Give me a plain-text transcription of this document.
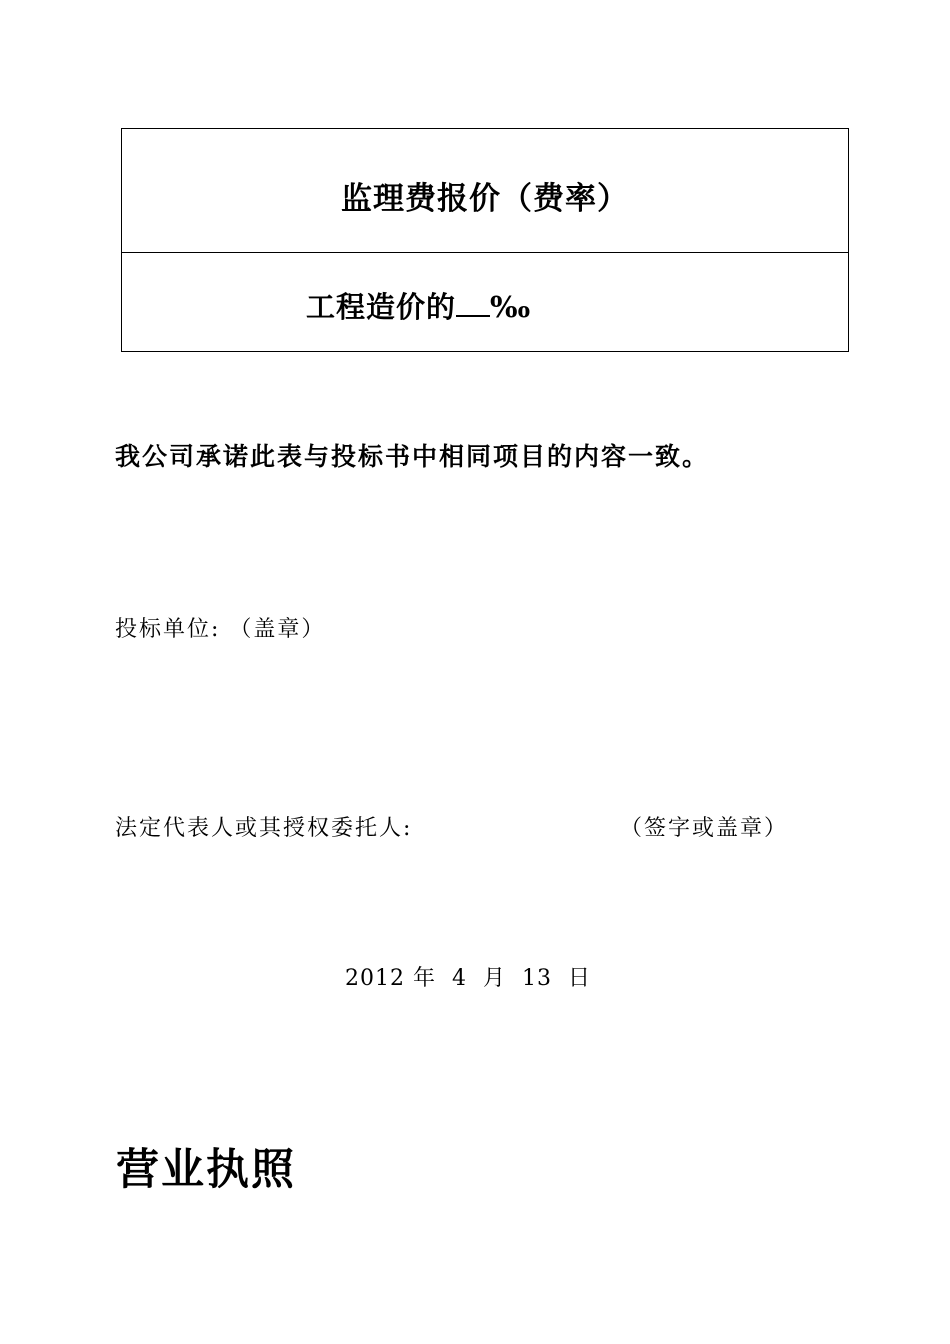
监理费报价（费率）
工程造价的 ‰
我公司承诺此表与投标书中相同项目的内容一致。
投标单位: （盖章）
法定代表人或其授权委托人:	（签字或盖章）
2012 年 4 月 13 日
营业执照
